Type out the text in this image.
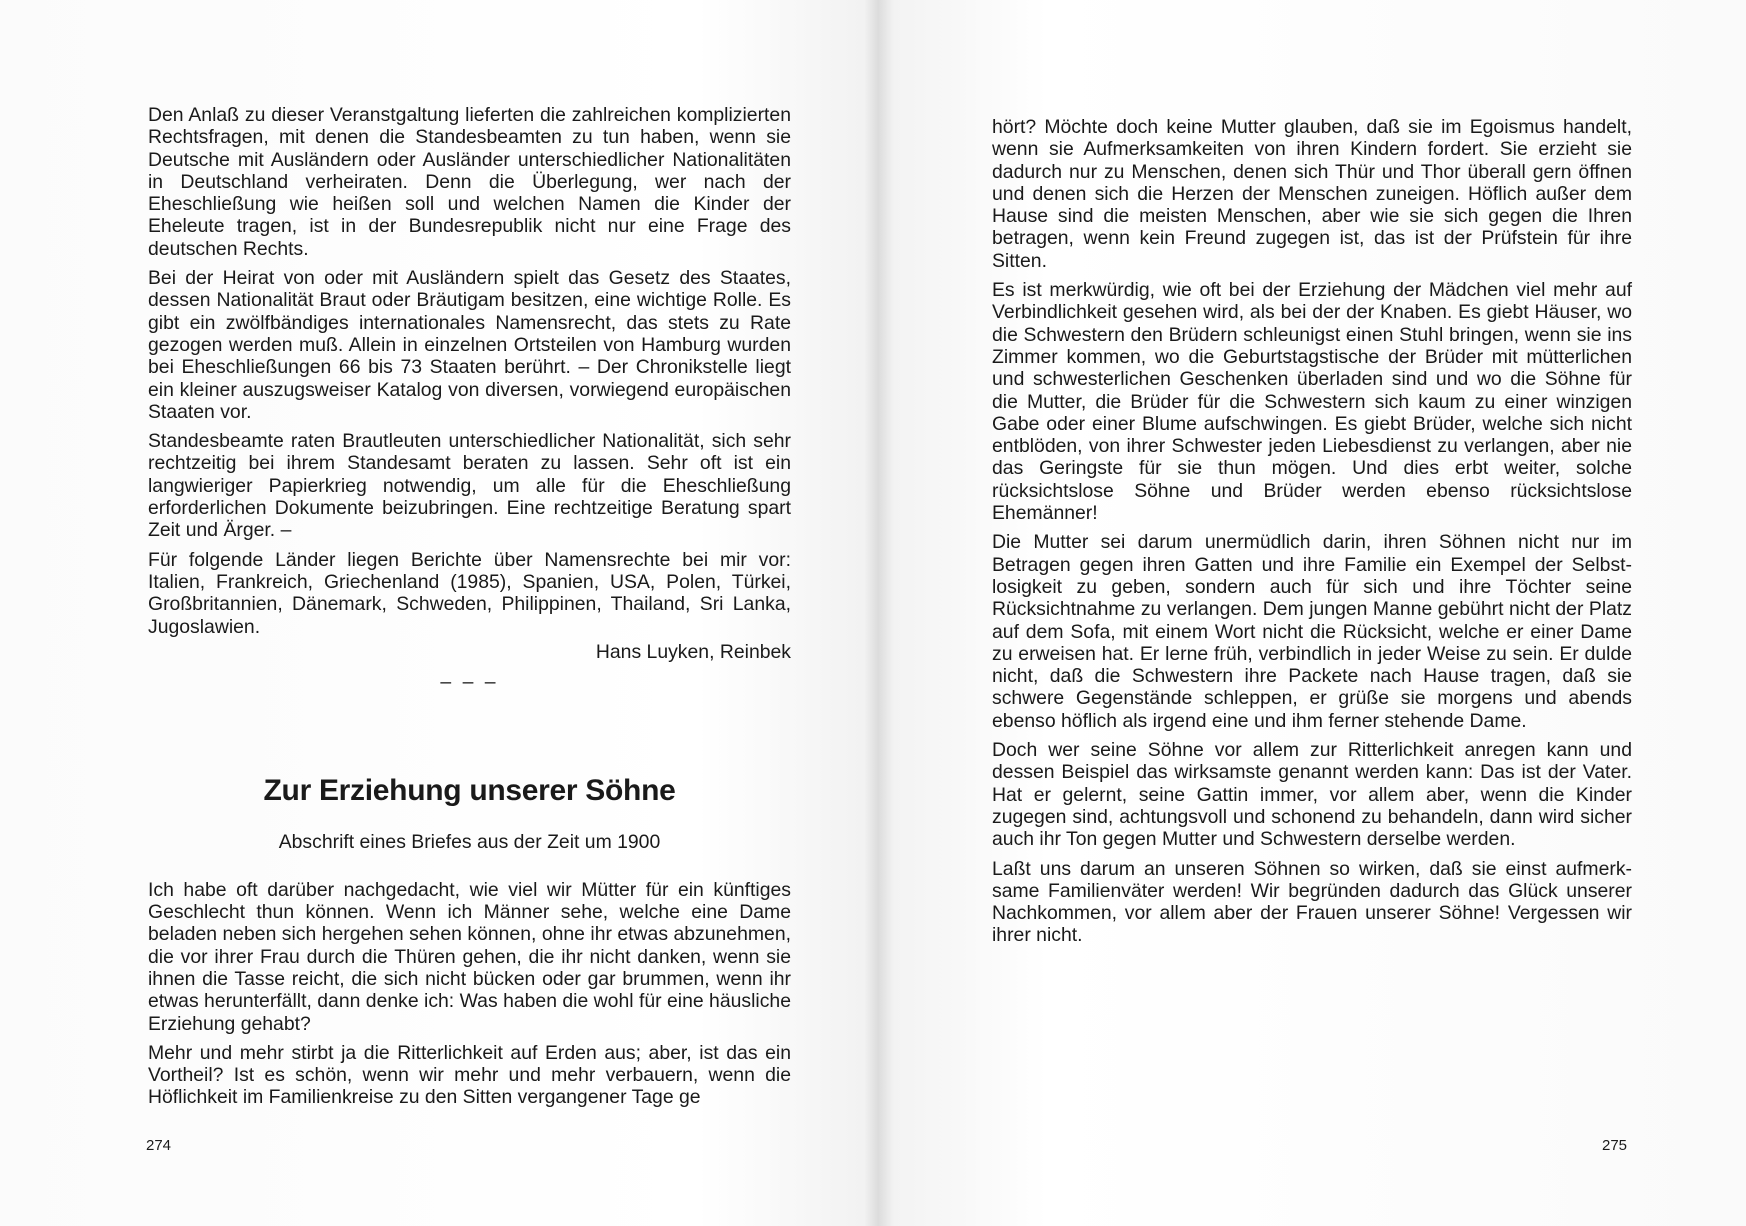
Den Anlaß zu dieser Veranstgaltung lieferten die zahlreichen komplizierten Rechtsfragen, mit denen die Standesbeamten zu tun haben, wenn sie Deutsche mit Ausländern oder Ausländer unterschiedlicher Nationalitäten in Deutschland verheiraten. Denn die Überlegung, wer nach der Eheschließung wie heißen soll und welchen Namen die Kinder der Eheleute tragen, ist in der Bundesrepublik nicht nur eine Frage des deutschen Rechts.

Bei der Heirat von oder mit Ausländern spielt das Gesetz des Staates, dessen Nationalität Braut oder Bräutigam besitzen, eine wichtige Rolle. Es gibt ein zwölfbändiges internationales Namensrecht, das stets zu Rate gezogen werden muß. Allein in einzelnen Ortsteilen von Hamburg wurden bei Eheschließungen 66 bis 73 Staaten berührt. – Der Chronikstelle liegt ein kleiner auszugsweiser Katalog von diversen, vorwiegend europäischen Staaten vor.

Standesbeamte raten Brautleuten unterschiedlicher Nationalität, sich sehr rechtzeitig bei ihrem Standesamt beraten zu lassen. Sehr oft ist ein langwieriger Papierkrieg notwendig, um alle für die Eheschließung erforderlichen Dokumente beizubringen. Eine rechtzeitige Beratung spart Zeit und Ärger. –

Für folgende Länder liegen Berichte über Namensrechte bei mir vor: Italien, Frankreich, Griechenland (1985), Spanien, USA, Polen, Türkei, Großbritannien, Dänemark, Schweden, Philippinen, Thailand, Sri Lanka, Jugoslawien.

Hans Luyken, Reinbek

– – –

Zur Erziehung unserer Söhne

Abschrift eines Briefes aus der Zeit um 1900

Ich habe oft darüber nachgedacht, wie viel wir Mütter für ein künftiges Geschlecht thun können. Wenn ich Männer sehe, welche eine Dame beladen neben sich hergehen sehen können, ohne ihr etwas abzunehmen, die vor ihrer Frau durch die Thüren gehen, die ihr nicht danken, wenn sie ihnen die Tasse reicht, die sich nicht bücken oder gar brummen, wenn ihr etwas herunterfällt, dann denke ich: Was haben die wohl für eine häusliche Erziehung gehabt?

Mehr und mehr stirbt ja die Ritterlichkeit auf Erden aus; aber, ist das ein Vortheil? Ist es schön, wenn wir mehr und mehr verbauern, wenn die Höflichkeit im Familienkreise zu den Sitten vergangener Tage ge

274

hört? Möchte doch keine Mutter glauben, daß sie im Egoismus handelt, wenn sie Aufmerksamkeiten von ihren Kindern fordert. Sie erzieht sie dadurch nur zu Menschen, denen sich Thür und Thor überall gern öffnen und denen sich die Herzen der Menschen zuneigen. Höflich außer dem Hause sind die meisten Menschen, aber wie sie sich gegen die Ihren betragen, wenn kein Freund zugegen ist, das ist der Prüfstein für ihre Sitten.

Es ist merkwürdig, wie oft bei der Erziehung der Mädchen viel mehr auf Verbindlichkeit gesehen wird, als bei der der Knaben. Es giebt Häuser, wo die Schwestern den Brüdern schleunigst einen Stuhl bringen, wenn sie ins Zimmer kommen, wo die Geburtstagstische der Brüder mit mütterlichen und schwesterlichen Geschenken überladen sind und wo die Söhne für die Mutter, die Brüder für die Schwestern sich kaum zu einer winzigen Gabe oder einer Blume aufschwingen. Es giebt Brüder, welche sich nicht entblöden, von ihrer Schwester jeden Liebesdienst zu verlangen, aber nie das Geringste für sie thun mögen. Und dies erbt weiter, solche rücksichtslose Söhne und Brüder werden ebenso rücksichtslose Ehemänner!

Die Mutter sei darum unermüdlich darin, ihren Söhnen nicht nur im Betragen gegen ihren Gatten und ihre Familie ein Exempel der Selbstlosigkeit zu geben, sondern auch für sich und ihre Töchter seine Rücksichtnahme zu verlangen. Dem jungen Manne gebührt nicht der Platz auf dem Sofa, mit einem Wort nicht die Rücksicht, welche er einer Dame zu erweisen hat. Er lerne früh, verbindlich in jeder Weise zu sein. Er dulde nicht, daß die Schwestern ihre Packete nach Hause tragen, daß sie schwere Gegenstände schleppen, er grüße sie morgens und abends ebenso höflich als irgend eine und ihm ferner stehende Dame.

Doch wer seine Söhne vor allem zur Ritterlichkeit anregen kann und dessen Beispiel das wirksamste genannt werden kann: Das ist der Vater. Hat er gelernt, seine Gattin immer, vor allem aber, wenn die Kinder zugegen sind, achtungsvoll und schonend zu behandeln, dann wird sicher auch ihr Ton gegen Mutter und Schwestern derselbe werden.

Laßt uns darum an unseren Söhnen so wirken, daß sie einst aufmerksame Familienväter werden! Wir begründen dadurch das Glück unserer Nachkommen, vor allem aber der Frauen unserer Söhne! Vergessen wir ihrer nicht.

275
